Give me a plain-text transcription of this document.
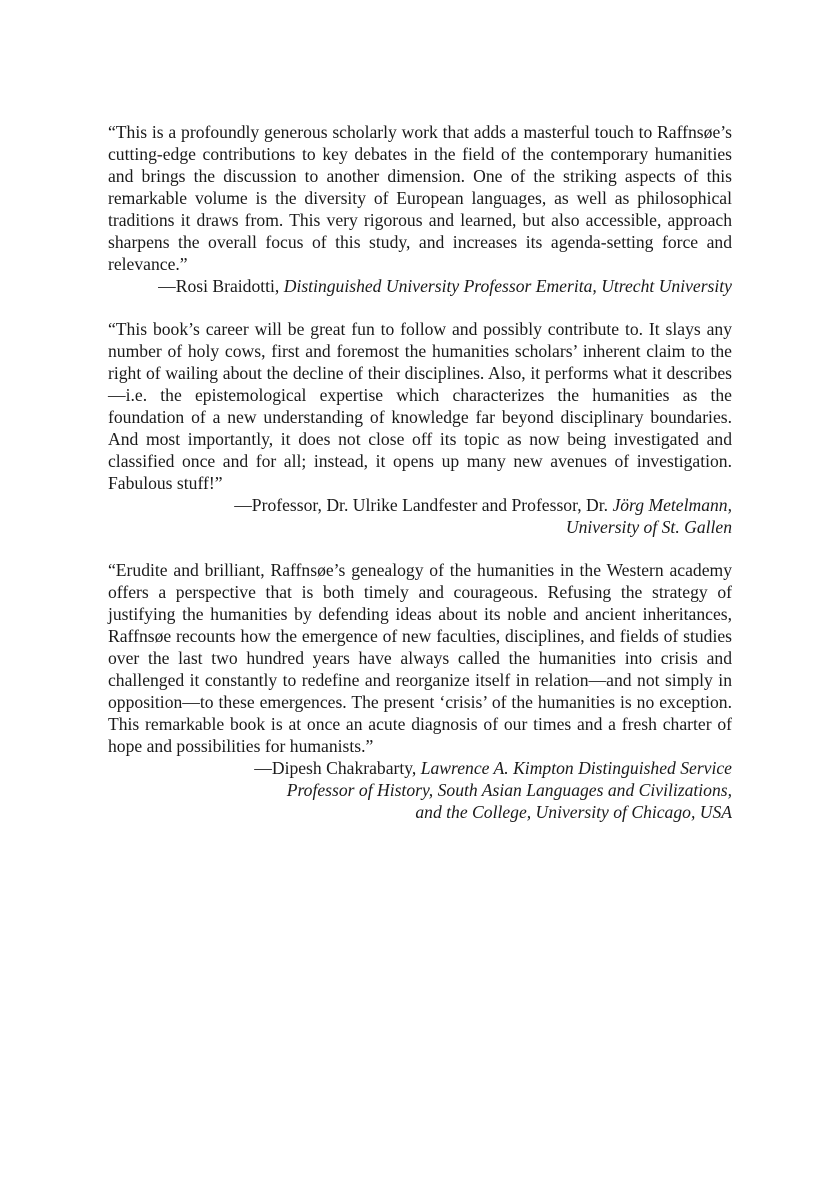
“This is a profoundly generous scholarly work that adds a masterful touch to Raffnsøe’s cutting-edge contributions to key debates in the field of the contemporary humanities and brings the discussion to another dimension. One of the striking aspects of this remarkable volume is the diversity of European languages, as well as philosophical traditions it draws from. This very rigorous and learned, but also accessible, approach sharpens the overall focus of this study, and increases its agenda-setting force and relevance.”

—Rosi Braidotti, Distinguished University Professor Emerita, Utrecht University

“This book’s career will be great fun to follow and possibly contribute to. It slays any number of holy cows, first and foremost the humanities scholars’ inherent claim to the right of wailing about the decline of their disciplines. Also, it performs what it describes—i.e. the epistemological expertise which characterizes the humanities as the foundation of a new understanding of knowledge far beyond disciplinary boundaries. And most importantly, it does not close off its topic as now being investigated and classified once and for all; instead, it opens up many new avenues of investigation. Fabulous stuff!”

—Professor, Dr. Ulrike Landfester and Professor, Dr. Jörg Metelmann,
University of St. Gallen

“Erudite and brilliant, Raffnsøe’s genealogy of the humanities in the Western academy offers a perspective that is both timely and courageous. Refusing the strategy of justifying the humanities by defending ideas about its noble and ancient inheritances, Raffnsøe recounts how the emergence of new faculties, disciplines, and fields of studies over the last two hundred years have always called the humanities into crisis and challenged it constantly to redefine and reorganize itself in relation—and not simply in opposition—to these emergences. The present ‘crisis’ of the humanities is no exception. This remarkable book is at once an acute diagnosis of our times and a fresh charter of hope and possibilities for humanists.”

—Dipesh Chakrabarty, Lawrence A. Kimpton Distinguished Service
Professor of History, South Asian Languages and Civilizations,
and the College, University of Chicago, USA
